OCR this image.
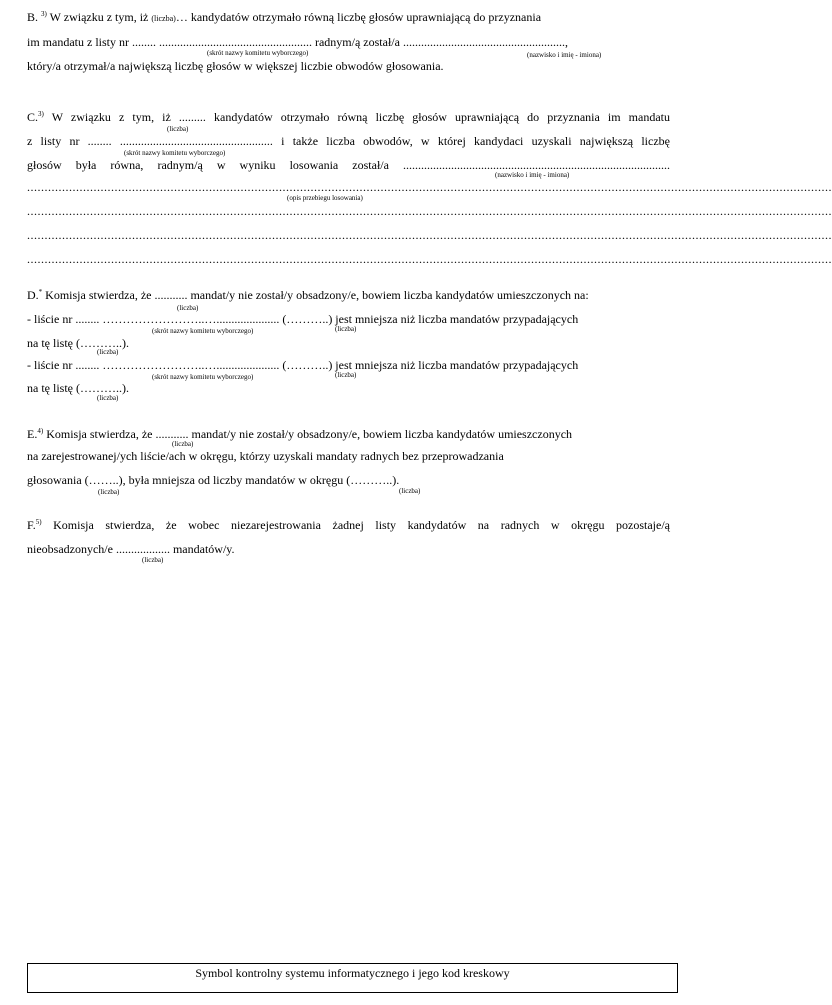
B. $^{3)}$ W związku z tym, iż (liczba)… kandydatów otrzymało równą liczbę głosów uprawniającą do przyznania
im mandatu z listy nr ........ ................................................... radnym/ą został/a ......................................................,
(skrót nazwy komitetu wyborczego)	(nazwisko i imię - imiona)
który/a otrzymał/a największą liczbę głosów w większej liczbie obwodów głosowania.
C.$^{3)}$ W związku z tym, iż ......... kandydatów otrzymało równą liczbę głosów uprawniającą do przyznania im mandatu
(liczba)
z listy nr ........ ................................................... i także liczba obwodów, w której kandydaci uzyskali największą liczbę
(skrót nazwy komitetu wyborczego)
głosów była równa, radnym/ą w wyniku losowania został/a .........................................................................................
(nazwisko i imię - imiona)
......................................................................................................................................................................................................................................
(opis przebiegu losowania)
......................................................................................................................................................................................................................................
......................................................................................................................................................................................................................................
......................................................................................................................................................................................................................................
D.* Komisja stwierdza, że ........... mandat/y nie został/y obsadzony/e, bowiem liczba kandydatów umieszczonych na:
(liczba)
- liście nr ........ ……………………..…..................... (………..) jest mniejsza niż liczba mandatów przypadających
(skrót nazwy komitetu wyborczego)	(liczba)
na tę listę (………..).
(liczba)
- liście nr ........ ……………………..…..................... (………..) jest mniejsza niż liczba mandatów przypadających
(skrót nazwy komitetu wyborczego)	(liczba)
na tę listę (………..).
(liczba)
E.$^{4)}$ Komisja stwierdza, że ........... mandat/y nie został/y obsadzony/e, bowiem liczba kandydatów umieszczonych
(liczba)
na zarejestrowanej/ych liście/ach w okręgu, którzy uzyskali mandaty radnych bez przeprowadzania
głosowania (……..), była mniejsza od liczby mandatów w okręgu (………..).
(liczba)	(liczba)
F.$^{5)}$ Komisja stwierdza, że wobec niezarejestrowania żadnej listy kandydatów na radnych w okręgu pozostaje/ą
nieobsadzonych/e .................. mandatów/y.
(liczba)
Symbol kontrolny systemu informatycznego i jego kod kreskowy
